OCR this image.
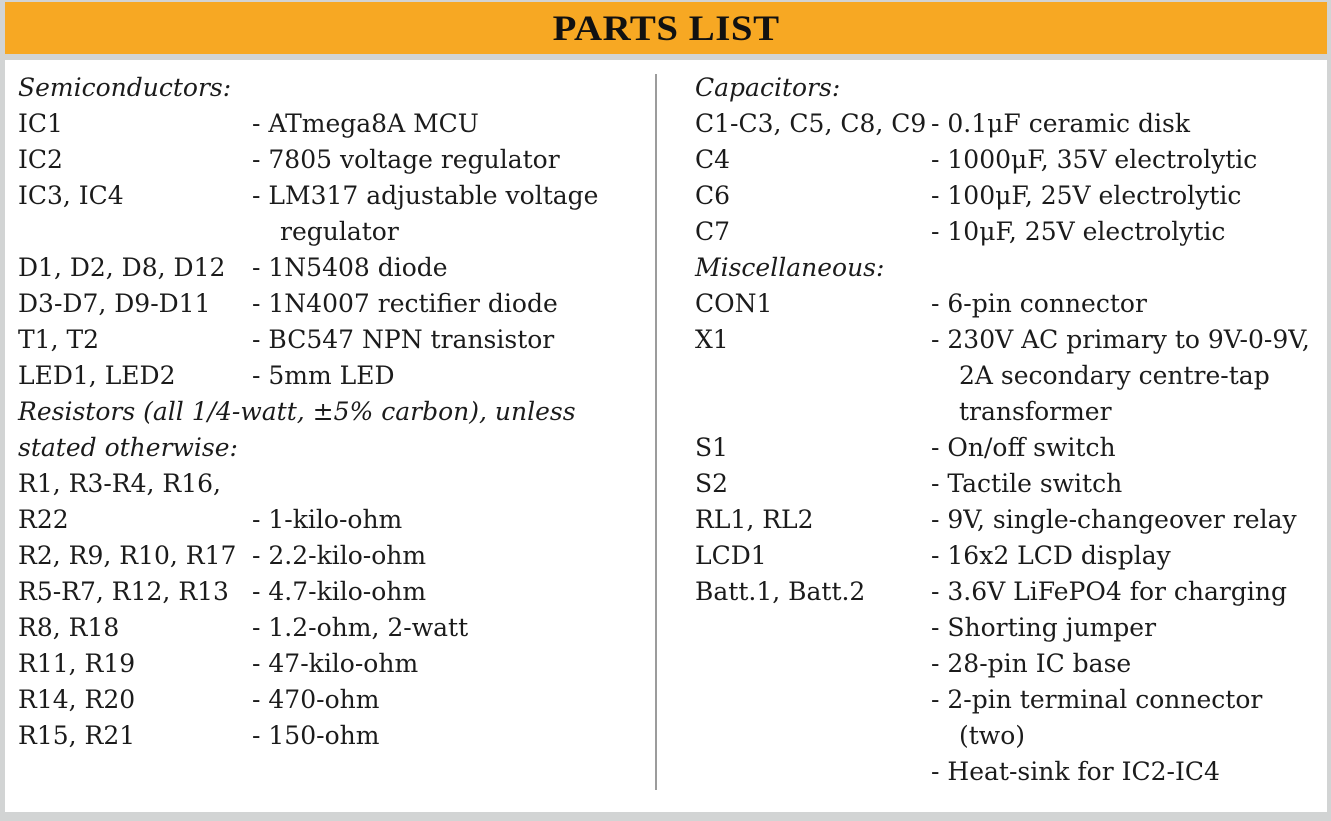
PARTS LIST
Semiconductors:
IC1	- ATmega8A MCU
IC2	- 7805 voltage regulator
IC3, IC4	- LM317 adjustable voltage regulator
D1, D2, D8, D12	- 1N5408 diode
D3-D7, D9-D11	- 1N4007 rectifier diode
T1, T2	- BC547 NPN transistor
LED1, LED2	- 5mm LED
Resistors (all 1/4-watt, ±5% carbon), unless stated otherwise:
R1, R3-R4, R16,
R22	- 1-kilo-ohm
R2, R9, R10, R17	- 2.2-kilo-ohm
R5-R7, R12, R13	- 4.7-kilo-ohm
R8, R18	- 1.2-ohm, 2-watt
R11, R19	- 47-kilo-ohm
R14, R20	- 470-ohm
R15, R21	- 150-ohm
Capacitors:
C1-C3, C5, C8, C9 - 0.1μF ceramic disk
C4	- 1000μF, 35V electrolytic
C6	- 100μF, 25V electrolytic
C7	- 10μF, 25V electrolytic
Miscellaneous:
CON1	- 6-pin connector
X1	- 230V AC primary to 9V-0-9V, 2A secondary centre-tap transformer
S1	- On/off switch
S2	- Tactile switch
RL1, RL2	- 9V, single-changeover relay
LCD1	- 16x2 LCD display
Batt.1, Batt.2	- 3.6V LiFePO4 for charging
- Shorting jumper
- 28-pin IC base
- 2-pin terminal connector (two)
- Heat-sink for IC2-IC4
